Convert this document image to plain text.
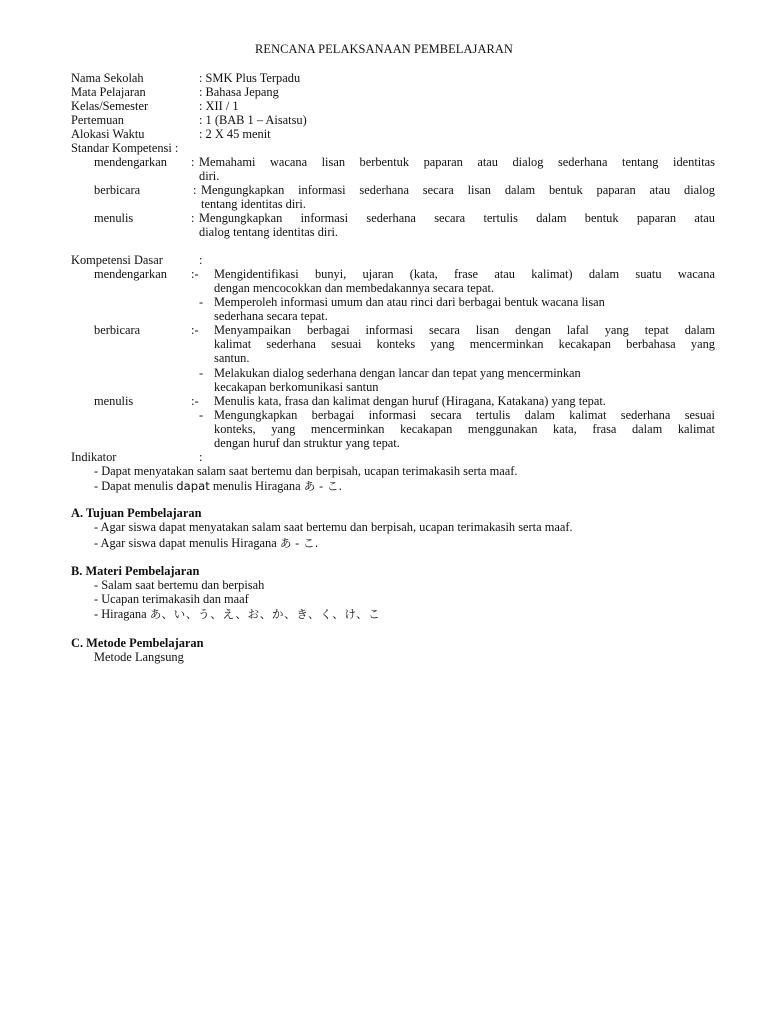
RENCANA PELAKSANAAN PEMBELAJARAN
Nama Sekolah	: SMK Plus Terpadu
Mata Pelajaran	: Bahasa Jepang
Kelas/Semester	: XII / 1
Pertemuan	: 1 (BAB 1 – Aisatsu)
Alokasi Waktu	: 2 X 45 menit
Standar Kompetensi :
mendengarkan : Memahami wacana lisan berbentuk paparan atau dialog sederhana tentang identitas
diri.
berbicara	: Mengungkapkan informasi sederhana secara lisan dalam bentuk paparan atau dialog
tentang identitas diri.
menulis	: Mengungkapkan informasi sederhana secara tertulis dalam bentuk paparan atau
dialog tentang identitas diri.
Kompetensi Dasar	:
mendengarkan :- Mengidentifikasi bunyi, ujaran (kata, frase atau kalimat) dalam suatu wacana
dengan mencocokkan dan membedakannya secara tepat.
- Memperoleh informasi umum dan atau rinci dari berbagai bentuk wacana lisan
sederhana secara tepat.
berbicara	:- Menyampaikan berbagai informasi secara lisan dengan lafal yang tepat dalam
kalimat sederhana sesuai konteks yang mencerminkan kecakapan berbahasa yang
santun.
- Melakukan dialog sederhana dengan lancar dan tepat yang mencerminkan
kecakapan berkomunikasi santun
menulis	:- Menulis kata, frasa dan kalimat dengan huruf (Hiragana, Katakana) yang tepat.
- Mengungkapkan berbagai informasi secara tertulis dalam kalimat sederhana sesuai
konteks, yang mencerminkan kecakapan menggunakan kata, frasa dalam kalimat
dengan huruf dan struktur yang tepat.
Indikator	:
- Dapat menyatakan salam saat bertemu dan berpisah, ucapan terimakasih serta maaf.
- Dapat menulis dapat menulis Hiragana あ - こ.
A. Tujuan Pembelajaran
- Agar siswa dapat menyatakan salam saat bertemu dan berpisah, ucapan terimakasih serta maaf.
- Agar siswa dapat menulis Hiragana あ - こ.
B. Materi Pembelajaran
- Salam saat bertemu dan berpisah
- Ucapan terimakasih dan maaf
- Hiragana あ、い、う、え、お、か、き、く、け、こ
C. Metode Pembelajaran
Metode Langsung
